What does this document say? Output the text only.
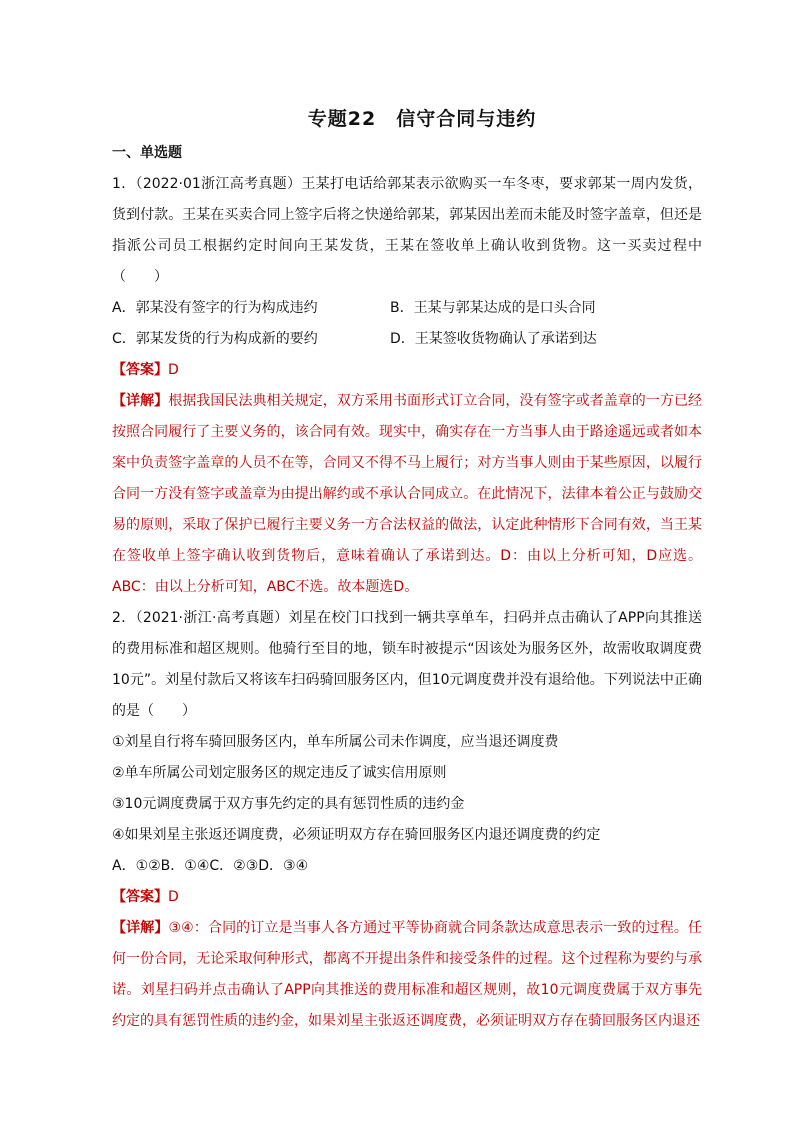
专题22　信守合同与违约
一、单选题

1．（2022·01浙江高考真题）王某打电话给郭某表示欲购买一车冬枣，要求郭某一周内发货，货到付款。王某在买卖合同上签字后将之快递给郭某，郭某因出差而未能及时签字盖章，但还是指派公司员工根据约定时间向王某发货，王某在签收单上确认收到货物。这一买卖过程中（　　）

A．郭某没有签字的行为构成违约	B．王某与郭某达成的是口头合同
C．郭某发货的行为构成新的要约	D．王某签收货物确认了承诺到达

【答案】D

【详解】根据我国民法典相关规定，双方采用书面形式订立合同，没有签字或者盖章的一方已经按照合同履行了主要义务的，该合同有效。现实中，确实存在一方当事人由于路途遥远或者如本案中负责签字盖章的人员不在等，合同又不得不马上履行；对方当事人则由于某些原因，以履行合同一方没有签字或盖章为由提出解约或不承认合同成立。在此情况下，法律本着公正与鼓励交易的原则，采取了保护已履行主要义务一方合法权益的做法，认定此种情形下合同有效，当王某在签收单上签字确认收到货物后，意味着确认了承诺到达。D：由以上分析可知，D应选。ABC：由以上分析可知，ABC不选。故本题选D。

2．（2021·浙江·高考真题）刘星在校门口找到一辆共享单车，扫码并点击确认了APP向其推送的费用标准和超区规则。他骑行至目的地，锁车时被提示“因该处为服务区外，故需收取调度费10元”。刘星付款后又将该车扫码骑回服务区内，但10元调度费并没有退给他。下列说法中正确的是（　　）

①刘星自行将车骑回服务区内，单车所属公司未作调度，应当退还调度费

②单车所属公司划定服务区的规定违反了诚实信用原则

③10元调度费属于双方事先约定的具有惩罚性质的违约金

④如果刘星主张返还调度费，必须证明双方存在骑回服务区内退还调度费的约定

A．①②B．①④C．②③D．③④

【答案】D

【详解】③④：合同的订立是当事人各方通过平等协商就合同条款达成意思表示一致的过程。任何一份合同，无论采取何种形式，都离不开提出条件和接受条件的过程。这个过程称为要约与承诺。刘星扫码并点击确认了APP向其推送的费用标准和超区规则，故10元调度费属于双方事先约定的具有惩罚性质的违约金，如果刘星主张返还调度费，必须证明双方存在骑回服务区内退还
